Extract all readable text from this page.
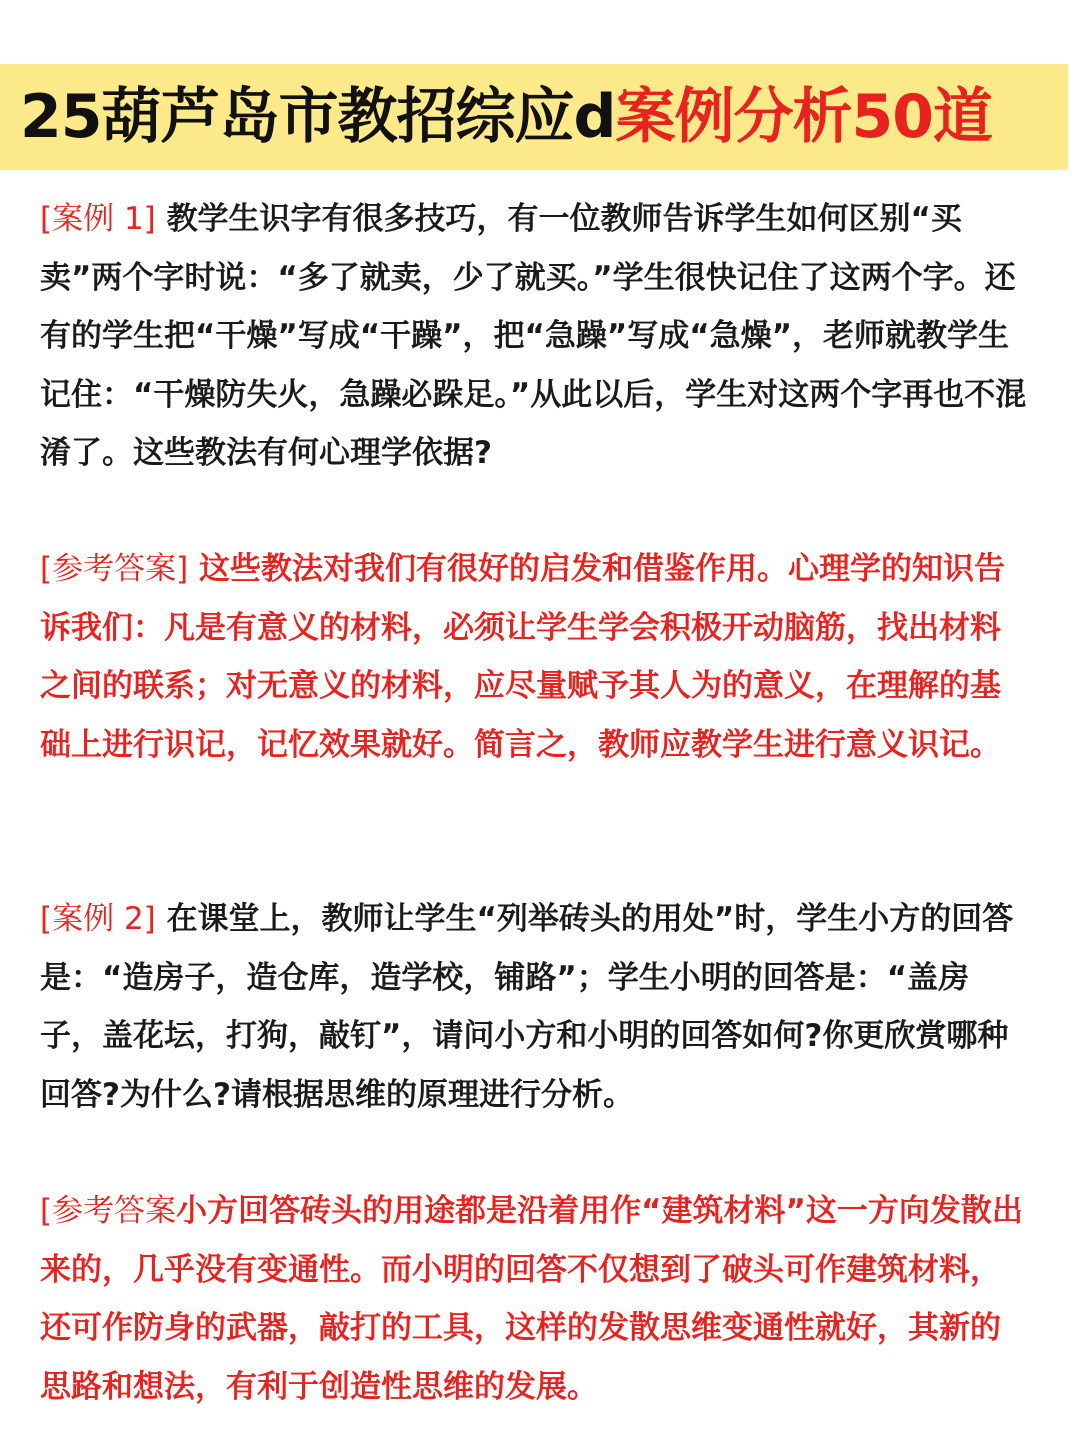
25葫芦岛市教招综应d案例分析50道
[案例 1] 教学生识字有很多技巧，有一位教师告诉学生如何区别“买卖”两个字时说：“多了就卖，少了就买。”学生很快记住了这两个字。还有的学生把“干燥”写成“干躁”，把“急躁”写成“急燥”，老师就教学生记住：“干燥防失火，急躁必跺足。”从此以后，学生对这两个字再也不混淆了。这些教法有何心理学依据?
[参考答案] 这些教法对我们有很好的启发和借鉴作用。心理学的知识告诉我们：凡是有意义的材料，必须让学生学会积极开动脑筋，找出材料之间的联系；对无意义的材料，应尽量赋予其人为的意义，在理解的基础上进行识记，记忆效果就好。简言之，教师应教学生进行意义识记。
[案例 2] 在课堂上，教师让学生“列举砖头的用处”时，学生小方的回答是：“造房子，造仓库，造学校，铺路”；学生小明的回答是：“盖房子，盖花坛，打狗，敲钉”，请问小方和小明的回答如何?你更欣赏哪种回答?为什么?请根据思维的原理进行分析。
[参考答案小方回答砖头的用途都是沿着用作“建筑材料”这一方向发散出来的，几乎没有变通性。而小明的回答不仅想到了破头可作建筑材料，还可作防身的武器，敲打的工具，这样的发散思维变通性就好，其新的思路和想法，有利于创造性思维的发展。
